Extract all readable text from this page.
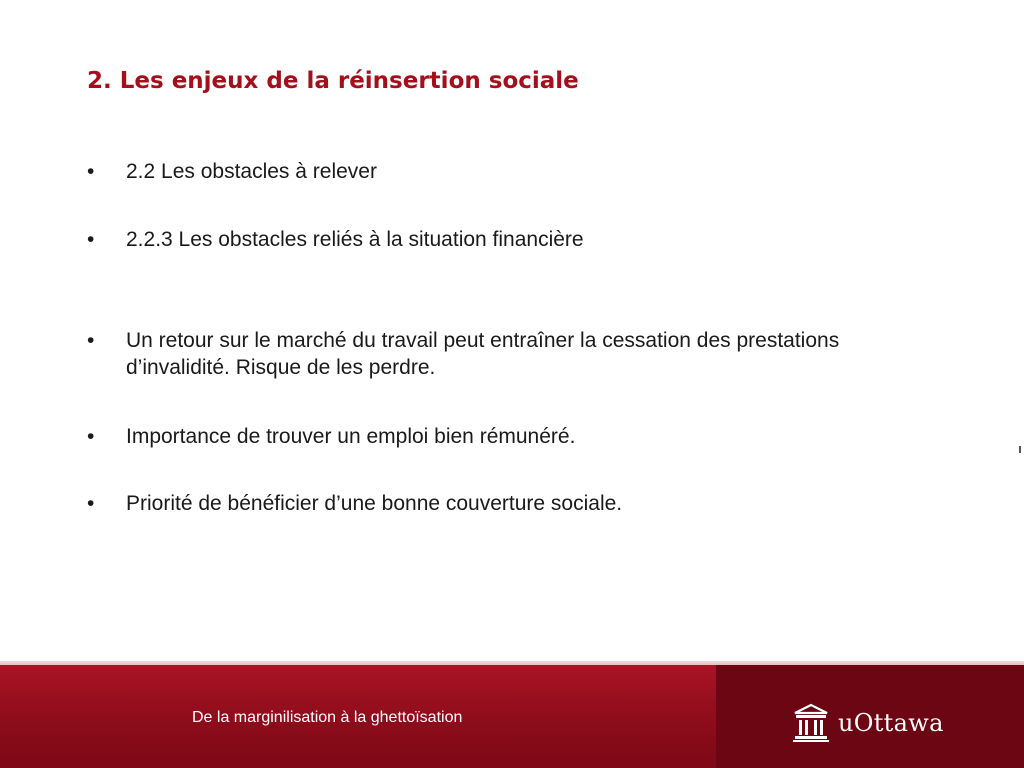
2. Les enjeux de la réinsertion sociale
•	2.2 Les obstacles à relever
•	2.2.3 Les obstacles reliés à la situation financière
•	Un retour sur le marché du travail peut entraîner la cessation des prestations d’invalidité. Risque de les perdre.
•	Importance de trouver un emploi bien rémunéré.
•	Priorité de bénéficier d’une bonne couverture sociale.
De la marginilisation à la ghettoïsation	uOttawa
